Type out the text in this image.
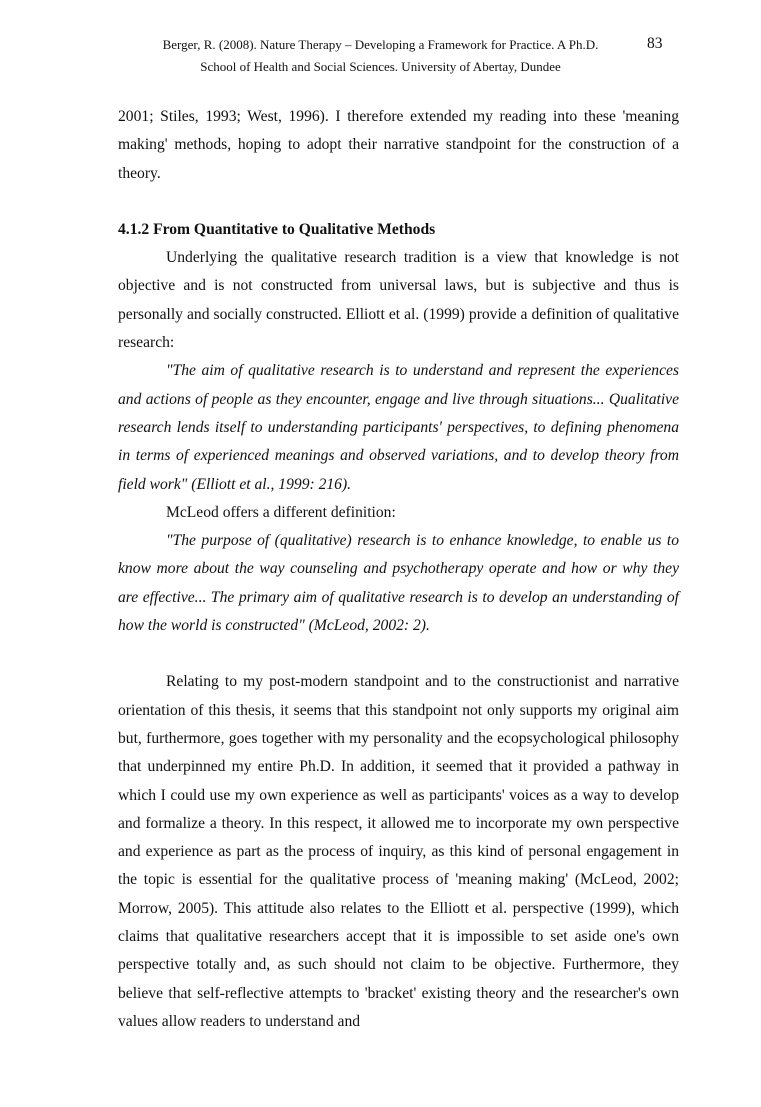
Berger, R. (2008). Nature Therapy – Developing a Framework for Practice. A Ph.D.
School of Health and Social Sciences. University of Abertay, Dundee
83

2001; Stiles, 1993; West, 1996). I therefore extended my reading into these 'meaning making' methods, hoping to adopt their narrative standpoint for the construction of a theory.

4.1.2 From Quantitative to Qualitative Methods

Underlying the qualitative research tradition is a view that knowledge is not objective and is not constructed from universal laws, but is subjective and thus is personally and socially constructed. Elliott et al. (1999) provide a definition of qualitative research:

"The aim of qualitative research is to understand and represent the experiences and actions of people as they encounter, engage and live through situations... Qualitative research lends itself to understanding participants' perspectives, to defining phenomena in terms of experienced meanings and observed variations, and to develop theory from field work" (Elliott et al., 1999: 216).

McLeod offers a different definition:

"The purpose of (qualitative) research is to enhance knowledge, to enable us to know more about the way counseling and psychotherapy operate and how or why they are effective... The primary aim of qualitative research is to develop an understanding of how the world is constructed" (McLeod, 2002: 2).

Relating to my post-modern standpoint and to the constructionist and narrative orientation of this thesis, it seems that this standpoint not only supports my original aim but, furthermore, goes together with my personality and the ecopsychological philosophy that underpinned my entire Ph.D. In addition, it seemed that it provided a pathway in which I could use my own experience as well as participants' voices as a way to develop and formalize a theory. In this respect, it allowed me to incorporate my own perspective and experience as part as the process of inquiry, as this kind of personal engagement in the topic is essential for the qualitative process of 'meaning making' (McLeod, 2002; Morrow, 2005). This attitude also relates to the Elliott et al. perspective (1999), which claims that qualitative researchers accept that it is impossible to set aside one's own perspective totally and, as such should not claim to be objective. Furthermore, they believe that self-reflective attempts to 'bracket' existing theory and the researcher's own values allow readers to understand and
